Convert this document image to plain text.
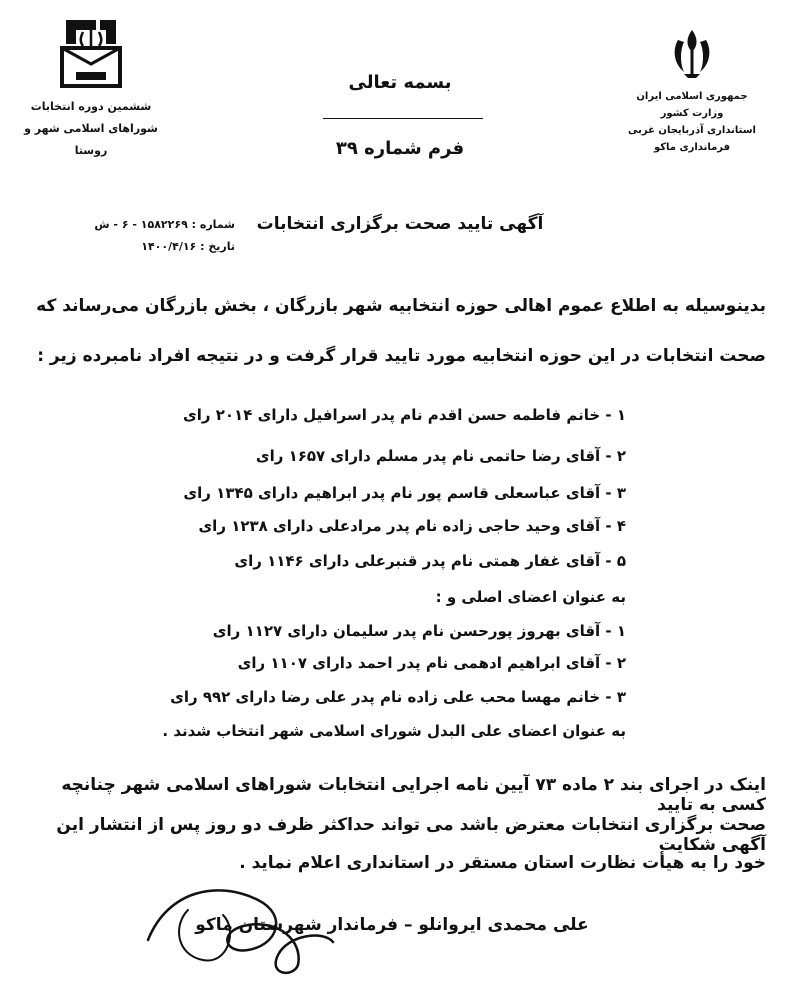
جمهوری اسلامی ایران
وزارت کشور
استانداری آذربایجان غربی
فرمانداری ماکو
ششمین دوره انتخابات
شوراهای اسلامی شهر و روستا
بسمه تعالی
فرم شماره ۳۹
شماره : ۱۵۸۲۲۶۹ - ۶ - ش
تاریخ : ۱۴۰۰/۴/۱۶
آگهی تایید صحت برگزاری انتخابات
بدینوسیله به اطلاع عموم اهالی حوزه انتخابیه شهر بازرگان ، بخش بازرگان می‌رساند که
صحت انتخابات در این حوزه انتخابیه مورد تایید قرار گرفت و در نتیجه افراد نامبرده زیر :
۱ - خانم فاطمه حسن اقدم نام پدر اسرافیل دارای ۲۰۱۴ رای
۲ - آقای رضا حاتمی نام پدر مسلم دارای ۱۶۵۷ رای
۳ - آقای عباسعلی قاسم پور نام پدر ابراهیم دارای ۱۳۴۵ رای
۴ - آقای وحید حاجی زاده نام پدر مرادعلی دارای ۱۲۳۸ رای
۵ - آقای غفار همتی نام پدر قنبرعلی دارای ۱۱۴۶ رای
به عنوان اعضای اصلی و :
۱ - آقای بهروز پورحسن نام پدر سلیمان دارای ۱۱۲۷ رای
۲ - آقای ابراهیم ادهمی نام پدر احمد دارای ۱۱۰۷ رای
۳ - خانم مهسا محب علی زاده نام پدر علی رضا دارای ۹۹۲ رای
به عنوان اعضای علی البدل شورای اسلامی شهر انتخاب شدند .
اینک در اجرای بند ۲ ماده ۷۳ آیین نامه اجرایی انتخابات شوراهای اسلامی شهر چنانچه کسی به تایید
صحت برگزاری انتخابات معترض باشد می تواند حداکثر ظرف دو روز پس از انتشار این آگهی شکایت
خود را به هیأت نظارت استان مستقر در استانداری اعلام نماید .
علی محمدی ایروانلو – فرماندار شهرستان ماکو
